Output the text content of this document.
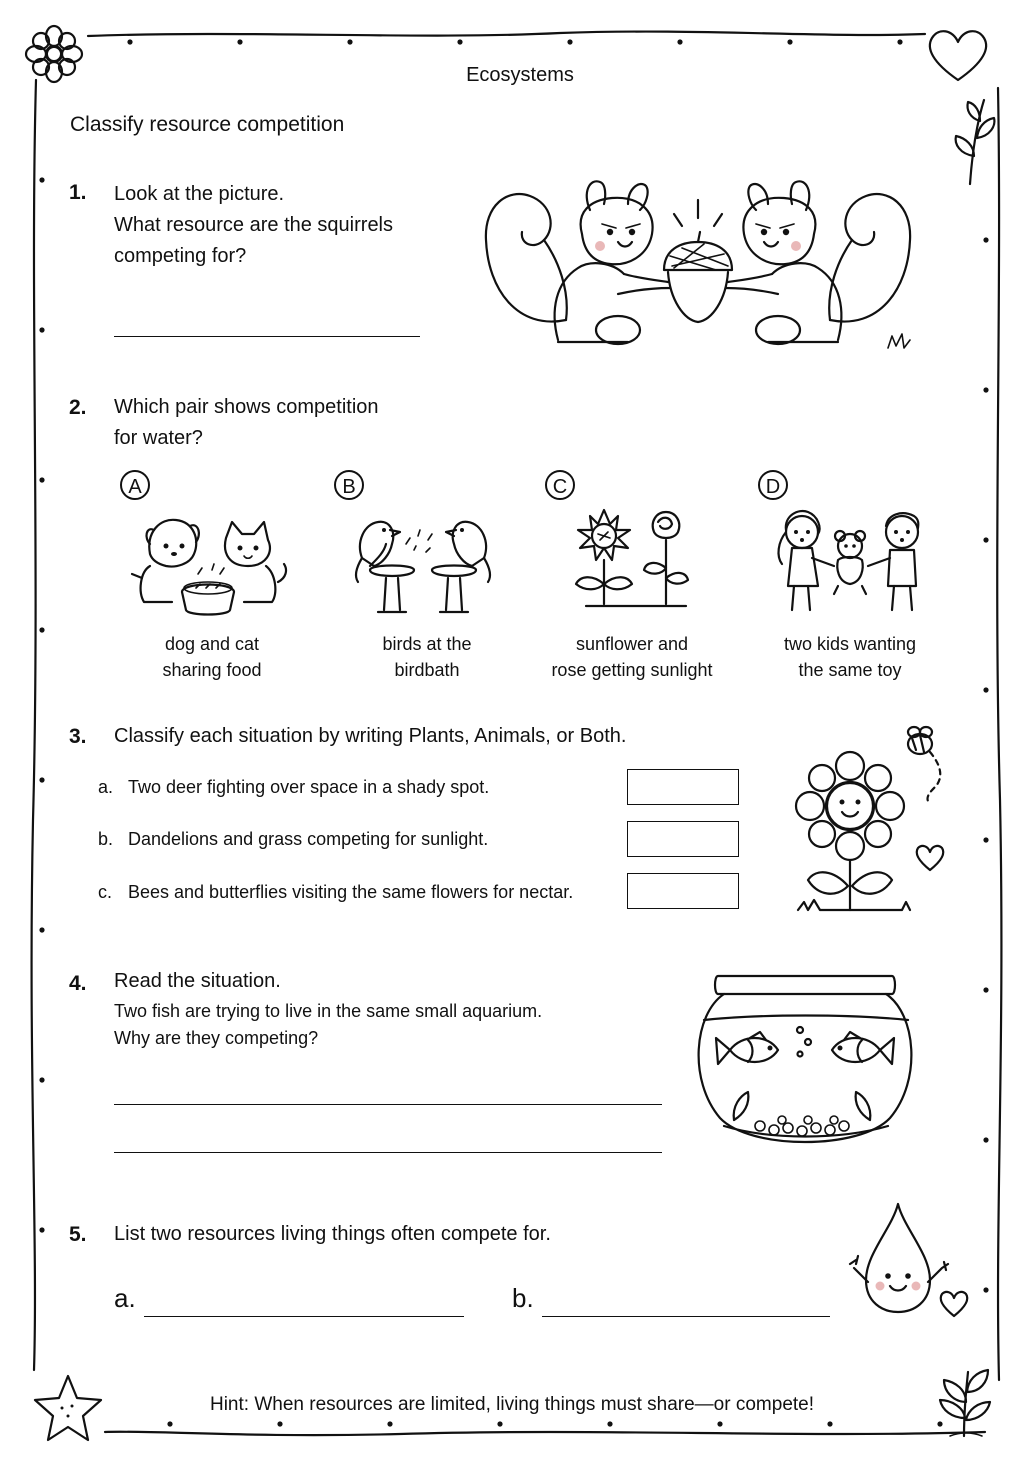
Ecosystems
Classify resource competition
1. Look at the picture.
What resource are the squirrels
competing for?
2. Which pair shows competition
for water?
A
dog and cat
sharing food
B
birds at the
birdbath
C
sunflower and
rose getting sunlight
D
two kids wanting
the same toy
3. Classify each situation by writing Plants, Animals, or Both.
a. Two deer fighting over space in a shady spot.
b. Dandelions and grass competing for sunlight.
c. Bees and butterflies visiting the same flowers for nectar.
4. Read the situation.
Two fish are trying to live in the same small aquarium.
Why are they competing?
5. List two resources living things often compete for.
a.	b.
Hint: When resources are limited, living things must share—or compete!
